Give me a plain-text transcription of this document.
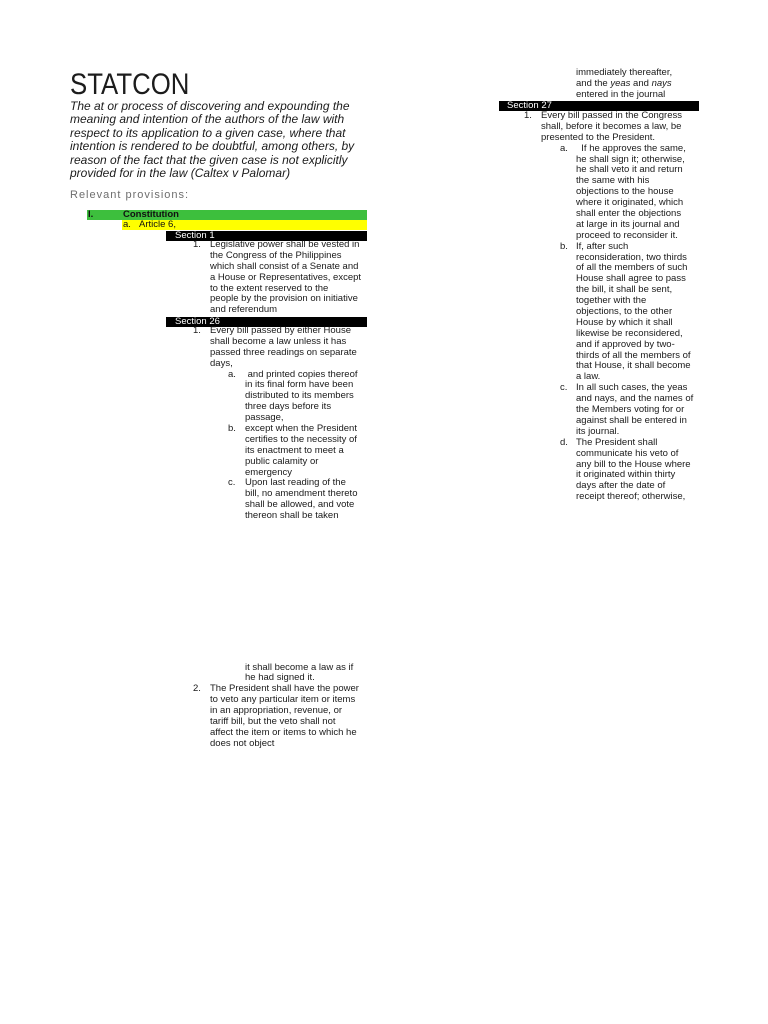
STATCON
The at or process of discovering and expounding the
meaning and intention of the authors of the law with
respect to its application to a given case, where that
intention is rendered to be doubtful, among others, by
reason of the fact that the given case is not explicitly
provided for in the law (Caltex v Palomar)
Relevant provisions:
I.	Constitution
a. Article 6,
Section 1
1. Legislative power shall be vested in
the Congress of the Philippines
which shall consist of a Senate and
a House or Representatives, except
to the extent reserved to the
people by the provision on initiative
and referendum
Section 26
1. Every bill passed by either House
shall become a law unless it has
passed three readings on separate
days,
a. and printed copies thereof
in its final form have been
distributed to its members
three days before its
passage,
b. except when the President
certifies to the necessity of
its enactment to meet a
public calamity or
emergency
c. Upon last reading of the
bill, no amendment thereto
shall be allowed, and vote
thereon shall be taken
it shall become a law as if
he had signed it.
2. The President shall have the power
to veto any particular item or items
in an appropriation, revenue, or
tariff bill, but the veto shall not
affect the item or items to which he
does not object
immediately thereafter,
and the yeas and nays
entered in the journal
Section 27
1. Every bill passed in the Congress
shall, before it becomes a law, be
presented to the President.
a. If he approves the same,
he shall sign it; otherwise,
he shall veto it and return
the same with his
objections to the house
where it originated, which
shall enter the objections
at large in its journal and
proceed to reconsider it.
b. If, after such
reconsideration, two thirds
of all the members of such
House shall agree to pass
the bill, it shall be sent,
together with the
objections, to the other
House by which it shall
likewise be reconsidered,
and if approved by two-
thirds of all the members of
that House, it shall become
a law.
c. In all such cases, the yeas
and nays, and the names of
the Members voting for or
against shall be entered in
its journal.
d. The President shall
communicate his veto of
any bill to the House where
it originated within thirty
days after the date of
receipt thereof; otherwise,
